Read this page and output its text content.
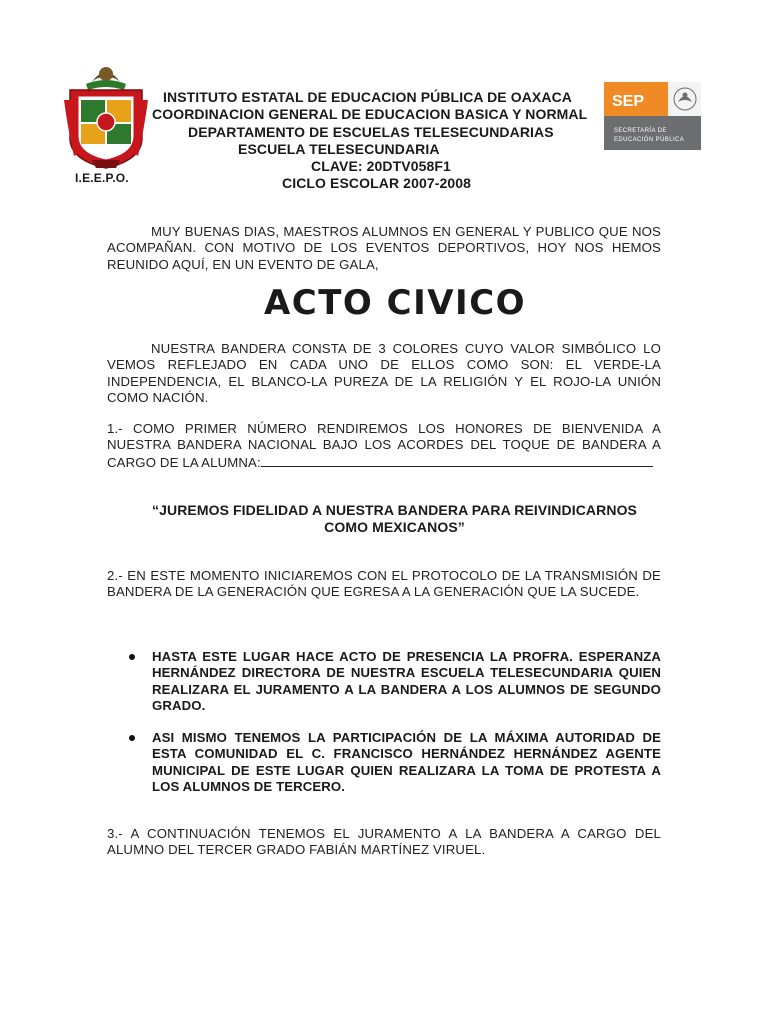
I.E.E.P.O.
INSTITUTO ESTATAL DE EDUCACION PÚBLICA DE OAXACA
COORDINACION GENERAL DE EDUCACION BASICA Y NORMAL
DEPARTAMENTO DE ESCUELAS TELESECUNDARIAS
ESCUELA TELESECUNDARIA
CLAVE: 20DTV058F1
CICLO ESCOLAR 2007-2008
SEP
SECRETARÍA DE
EDUCACIÓN PÚBLICA
MUY BUENAS DIAS, MAESTROS ALUMNOS EN GENERAL Y PUBLICO QUE NOS ACOMPAÑAN. CON MOTIVO DE LOS EVENTOS DEPORTIVOS, HOY NOS HEMOS REUNIDO AQUÍ, EN UN EVENTO DE GALA,
ACTO CIVICO
NUESTRA BANDERA CONSTA DE 3 COLORES CUYO VALOR SIMBÓLICO LO VEMOS REFLEJADO EN CADA UNO DE ELLOS COMO SON: EL VERDE-LA INDEPENDENCIA, EL BLANCO-LA PUREZA DE LA RELIGIÓN Y EL ROJO-LA UNIÓN COMO NACIÓN.
1.- COMO PRIMER NÚMERO RENDIREMOS LOS HONORES DE BIENVENIDA A NUESTRA BANDERA NACIONAL BAJO LOS ACORDES DEL TOQUE DE BANDERA A CARGO DE LA ALUMNA:
“JUREMOS FIDELIDAD A NUESTRA BANDERA PARA REIVINDICARNOS
COMO MEXICANOS”
2.- EN ESTE MOMENTO INICIAREMOS CON EL PROTOCOLO DE LA TRANSMISIÓN DE BANDERA DE LA GENERACIÓN QUE EGRESA A LA GENERACIÓN QUE LA SUCEDE.
HASTA ESTE LUGAR HACE ACTO DE PRESENCIA LA PROFRA. ESPERANZA HERNÁNDEZ DIRECTORA DE NUESTRA ESCUELA TELESECUNDARIA QUIEN REALIZARA EL JURAMENTO A LA BANDERA A LOS ALUMNOS DE SEGUNDO GRADO.
ASI MISMO TENEMOS LA PARTICIPACIÓN DE LA MÁXIMA AUTORIDAD DE ESTA COMUNIDAD EL C. FRANCISCO HERNÁNDEZ HERNÁNDEZ AGENTE MUNICIPAL DE ESTE LUGAR QUIEN REALIZARA LA TOMA DE PROTESTA A LOS ALUMNOS DE TERCERO.
3.- A CONTINUACIÓN TENEMOS EL JURAMENTO A LA BANDERA A CARGO DEL ALUMNO DEL TERCER GRADO FABIÁN MARTÍNEZ VIRUEL.
